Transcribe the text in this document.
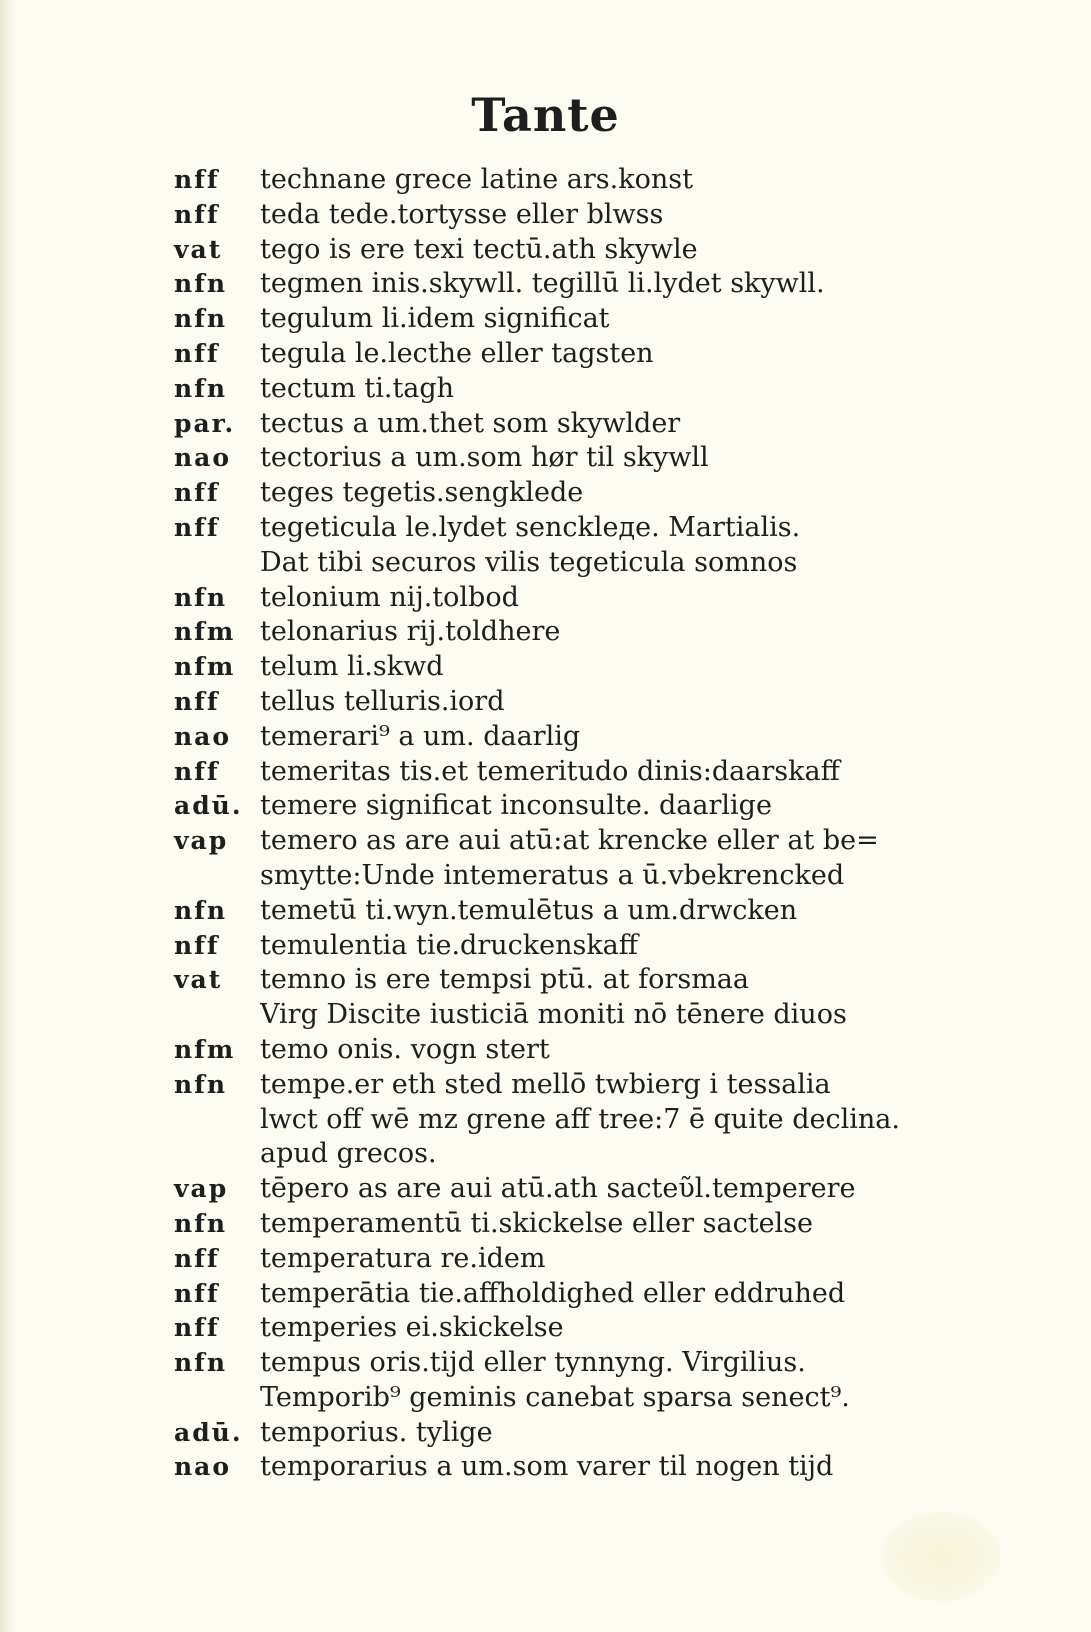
Tante
nff	technane grece latine ars.konst
nff	teda tede.tortysse eller blwss
vat	tego is ere texi tectū.ath skywle
nfn	tegmen inis.skywll. tegillū li.lydet skywll.
nfn	tegulum li.idem significat
nff	tegula le.lecthe eller tagsten
nfn	tectum ti.tagh
par. tectus a um.thet som skywlder
nao	tectorius a um.som hør til skywll
nff	teges tegetis.sengklede
nff	tegeticula le.lydet senckleде. Martialis.
Dat tibi securos vilis tegeticula somnos
nfn	telonium nij.tolbod
nfm telonarius rij.toldhere
nfm telum li.skwd
nff	tellus telluris.iord
nao	temerari⁹ a um. daarlig
nff	temeritas tis.et temeritudo dinis:daarskaff
adū. temere significat inconsulte. daarlige
vap	temero as are aui atū:at krencke eller at be=
smytte:Unde intemeratus a ū.vbekrencked
nfn	temetū ti.wyn.temulētus a um.drwcken
nff	temulentia tie.druckenskaff
vat	temno is ere tempsi ptū. at forsmaa
Virg Discite iusticiā moniti nō tēnere diuos
nfm temo onis. vogn stert
nfn	tempe.er eth sted mellō twbierg i tessalia
lwct off wē mz grene aff tree:7 ē quite declina.
apud grecos.
vap	tēpero as are aui atū.ath sacteῦl.temperere
nfn	temperamentū ti.skickelse eller sactelse
nff	temperatura re.idem
nff	temperātia tie.affholdighed eller eddruhed
nff	temperies ei.skickelse
nfn	tempus oris.tijd eller tynnyng. Virgilius.
Temporib⁹ geminis canebat sparsa senect⁹.
adū. temporius. tylige
nao	temporarius a um.som varer til nogen tijd
